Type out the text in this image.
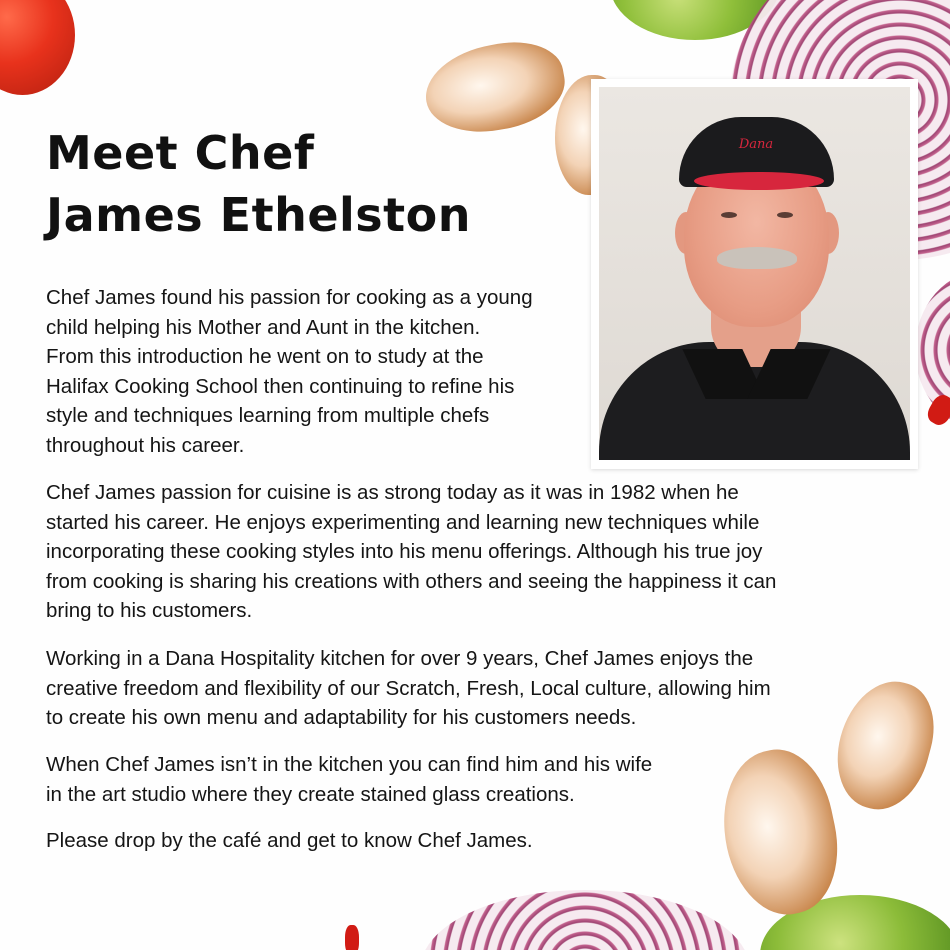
Dana
Meet Chef
James Ethelston

Chef James found his passion for cooking as a young
child helping his Mother and Aunt in the kitchen.
From this introduction he went on to study at the
Halifax Cooking School then continuing to refine his
style and techniques learning from multiple chefs
throughout his career.

Chef James passion for cuisine is as strong today as it was in 1982 when he
started his career. He enjoys experimenting and learning new techniques while
incorporating these cooking styles into his menu offerings. Although his true joy
from cooking is sharing his creations with others and seeing the happiness it can
bring to his customers.

Working in a Dana Hospitality kitchen for over 9 years, Chef James enjoys the
creative freedom and flexibility of our Scratch, Fresh, Local culture, allowing him
to create his own menu and adaptability for his customers needs.

When Chef James isn’t in the kitchen you can find him and his wife
in the art studio where they create stained glass creations.

Please drop by the café and get to know Chef James.
